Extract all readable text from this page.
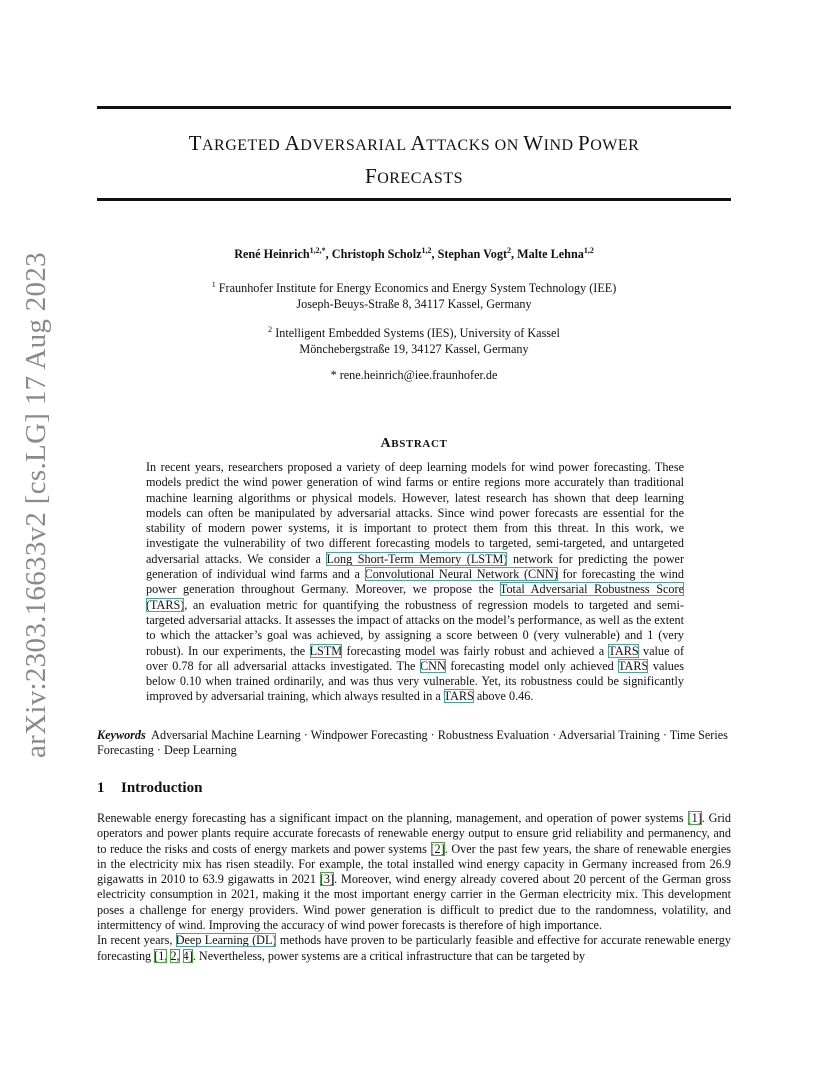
arXiv:2303.16633v2 [cs.LG] 17 Aug 2023
TARGETED ADVERSARIAL ATTACKS ON WIND POWER
FORECASTS
René Heinrich$^{1,2,*}$, Christoph Scholz$^{1,2}$, Stephan Vogt$^2$, Malte Lehna$^{1,2}$
$^1$ Fraunhofer Institute for Energy Economics and Energy System Technology (IEE)
Joseph-Beuys-Straße 8, 34117 Kassel, Germany
$^2$ Intelligent Embedded Systems (IES), University of Kassel
Mönchebergstraße 19, 34127 Kassel, Germany
* rene.heinrich@iee.fraunhofer.de
ABSTRACT
In recent years, researchers proposed a variety of deep learning models for wind power forecasting. These models predict the wind power generation of wind farms or entire regions more accurately than traditional machine learning algorithms or physical models. However, latest research has shown that deep learning models can often be manipulated by adversarial attacks. Since wind power forecasts are essential for the stability of modern power systems, it is important to protect them from this threat. In this work, we investigate the vulnerability of two different forecasting models to targeted, semi-targeted, and untargeted adversarial attacks. We consider a Long Short-Term Memory (LSTM) network for predicting the power generation of individual wind farms and a Convolutional Neural Network (CNN) for forecasting the wind power generation throughout Germany. Moreover, we propose the Total Adversarial Robustness Score (TARS), an evaluation metric for quantifying the robustness of regression models to targeted and semi-targeted adversarial attacks. It assesses the impact of attacks on the model’s performance, as well as the extent to which the attacker’s goal was achieved, by assigning a score between 0 (very vulnerable) and 1 (very robust). In our experiments, the LSTM forecasting model was fairly robust and achieved a TARS value of over 0.78 for all adversarial attacks investigated. The CNN forecasting model only achieved TARS values below 0.10 when trained ordinarily, and was thus very vulnerable. Yet, its robustness could be significantly improved by adversarial training, which always resulted in a TARS above 0.46.
Keywords Adversarial Machine Learning · Windpower Forecasting · Robustness Evaluation · Adversarial Training · Time Series Forecasting · Deep Learning
1 Introduction

Renewable energy forecasting has a significant impact on the planning, management, and operation of power systems [1]. Grid operators and power plants require accurate forecasts of renewable energy output to ensure grid reliability and permanency, and to reduce the risks and costs of energy markets and power systems [2]. Over the past few years, the share of renewable energies in the electricity mix has risen steadily. For example, the total installed wind energy capacity in Germany increased from 26.9 gigawatts in 2010 to 63.9 gigawatts in 2021 [3]. Moreover, wind energy already covered about 20 percent of the German gross electricity consumption in 2021, making it the most important energy carrier in the German electricity mix. This development poses a challenge for energy providers. Wind power generation is difficult to predict due to the randomness, volatility, and intermittency of wind. Improving the accuracy of wind power forecasts is therefore of high importance.

In recent years, Deep Learning (DL) methods have proven to be particularly feasible and effective for accurate renewable energy forecasting [1, 2, 4]. Nevertheless, power systems are a critical infrastructure that can be targeted by
